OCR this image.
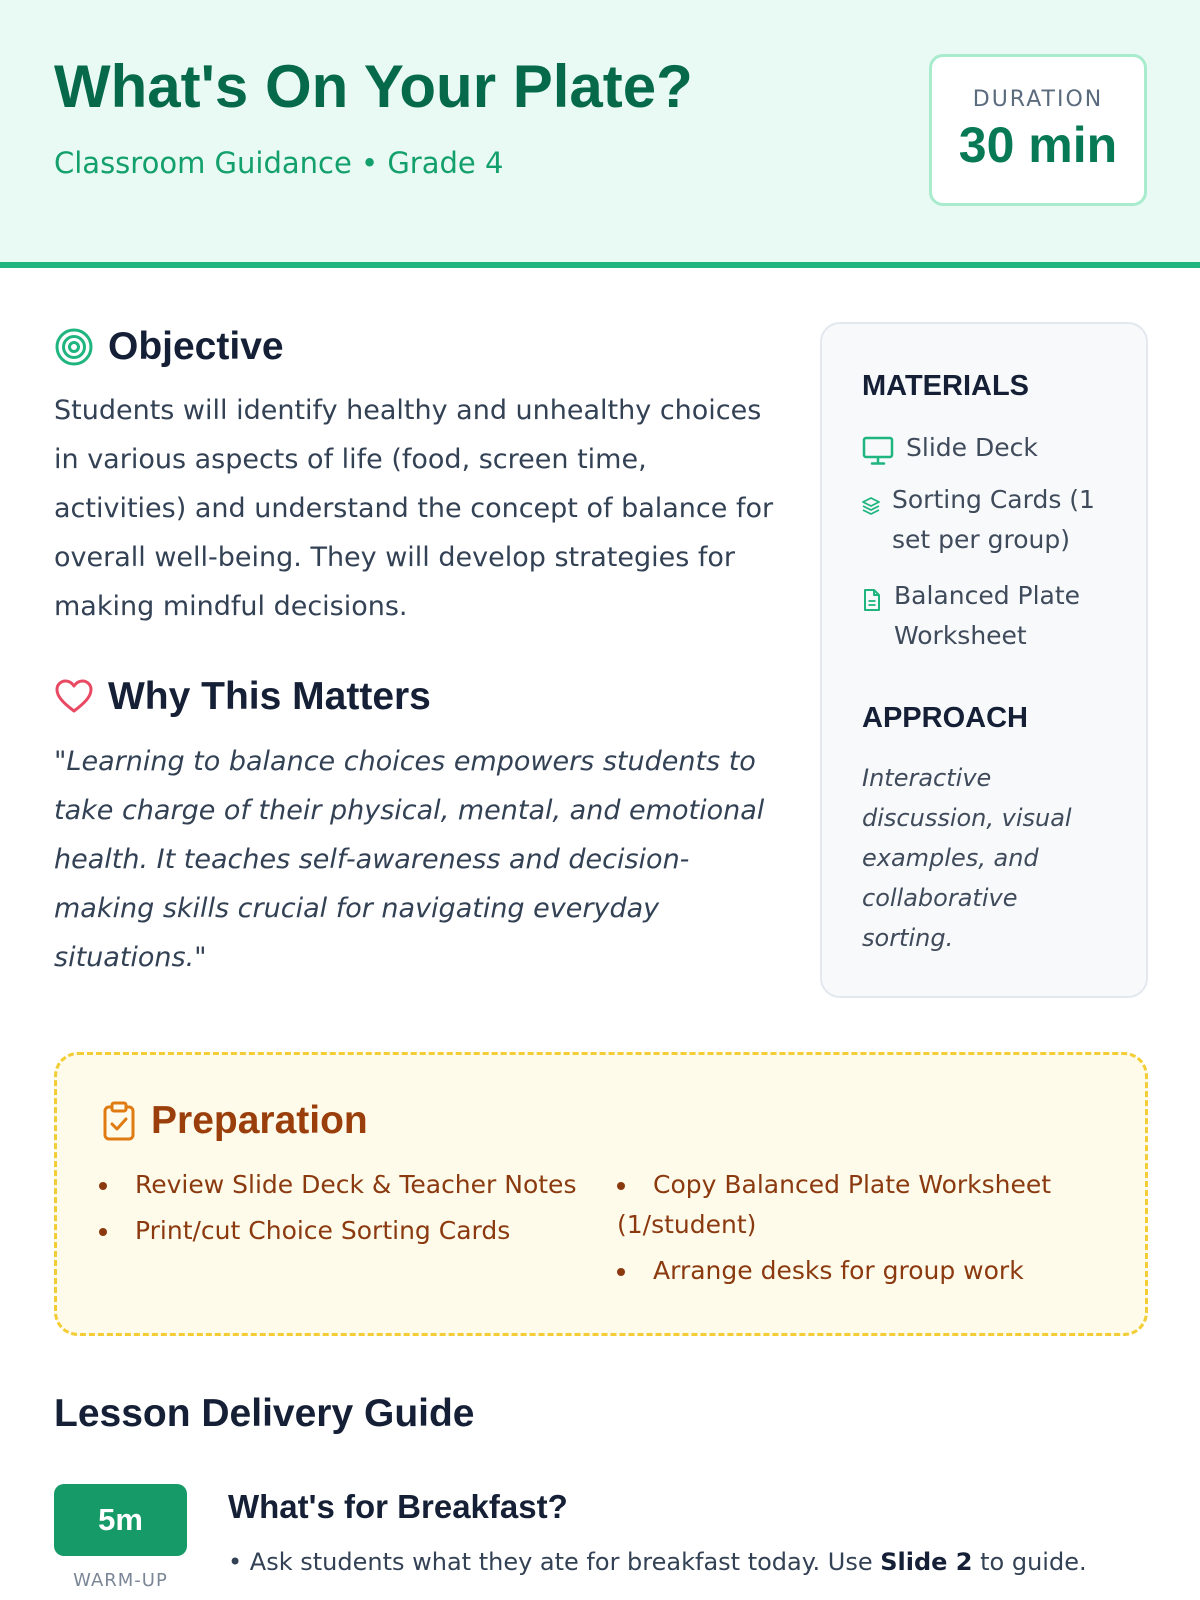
What's On Your Plate?
Classroom Guidance • Grade 4
DURATION
30 min
Objective

Students will identify healthy and unhealthy choices in various aspects of life (food, screen time, activities) and understand the concept of balance for overall well-being. They will develop strategies for making mindful decisions.

Why This Matters

"Learning to balance choices empowers students to take charge of their physical, mental, and emotional health. It teaches self-awareness and decision-making skills crucial for navigating everyday situations."

MATERIALS
Slide Deck
Sorting Cards (1 set per group)
Balanced Plate Worksheet
APPROACH

Interactive discussion, visual examples, and collaborative sorting.

Preparation
Review Slide Deck & Teacher Notes
Print/cut Choice Sorting Cards
Copy Balanced Plate Worksheet (1/student)
Arrange desks for group work
Lesson Delivery Guide
5m
WARM-UP
What's for Breakfast?
• Ask students what they ate for breakfast today. Use Slide 2 to guide.
